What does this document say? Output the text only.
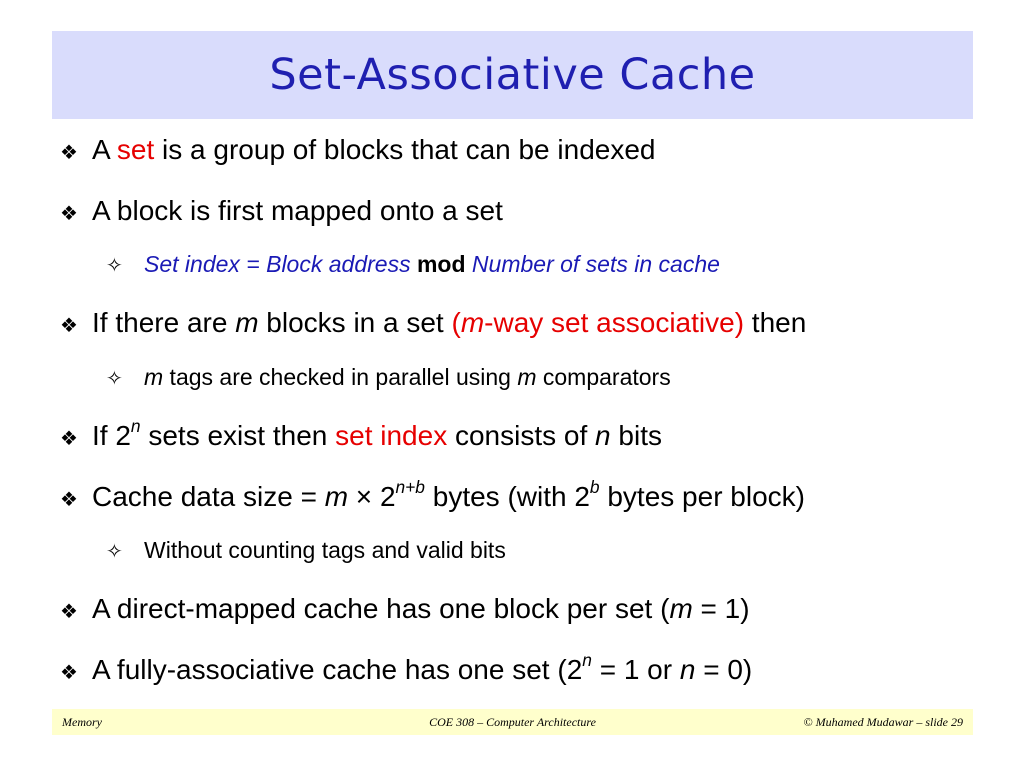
Set-Associative Cache
❖ A set is a group of blocks that can be indexed
❖ A block is first mapped onto a set
✧ Set index = Block address mod Number of sets in cache
❖ If there are m blocks in a set (m-way set associative) then
✧ m tags are checked in parallel using m comparators
❖ If 2$^n$ sets exist then set index consists of n bits
❖ Cache data size = $m \times 2^{n+b}$ bytes (with 2$^b$ bytes per block)
✧ Without counting tags and valid bits
❖ A direct-mapped cache has one block per set (m = 1)
❖ A fully-associative cache has one set ($2^n = 1$ or n = 0)
Memory	COE 308 – Computer Architecture	© Muhamed Mudawar – slide 29
